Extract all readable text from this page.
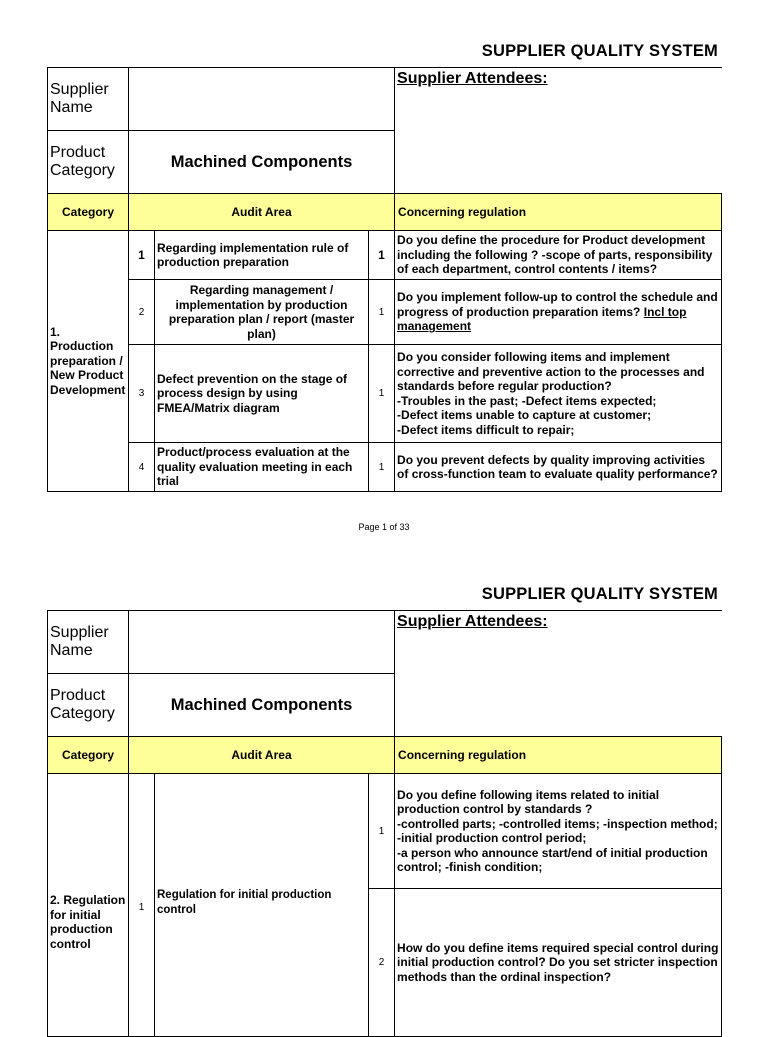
SUPPLIER QUALITY SYSTEM
Supplier Name				Supplier Attendees:
Product Category	Machined Components			
Category	Audit Area			Concerning regulation
1. Production preparation / New Product Development	1	Regarding implementation rule of production preparation	1	Do you define the procedure for Product development including the following ? -scope of parts, responsibility of each department, control contents / items?
	2	Regarding management / implementation by production preparation plan / report (master plan)	1	Do you implement follow-up to control the schedule and progress of production preparation items? Incl top management
	3	Defect prevention on the stage of process design by using FMEA/Matrix diagram	1	Do you consider following items and implement corrective and preventive action to the processes and standards before regular production?
-Troubles in the past; -Defect items expected;
-Defect items unable to capture at customer;
-Defect items difficult to repair;

	4	Product/process evaluation at the quality evaluation meeting in each trial	1	Do you prevent defects by quality improving activities of cross-function team to evaluate quality performance?
Page 1 of 33
SUPPLIER QUALITY SYSTEM
Supplier Name				Supplier Attendees:
Product Category	Machined Components			
Category	Audit Area			Concerning regulation

2. Regulation for initial production control	1	Regulation for initial production control	1	Do you define following items related to initial production control by standards ?
-controlled parts; -controlled items; -inspection method;
-initial production control period;
-a person who announce start/end of initial production control; -finish condition;

			2	How do you define items required special control during initial production control? Do you set stricter inspection methods than the ordinal inspection?
